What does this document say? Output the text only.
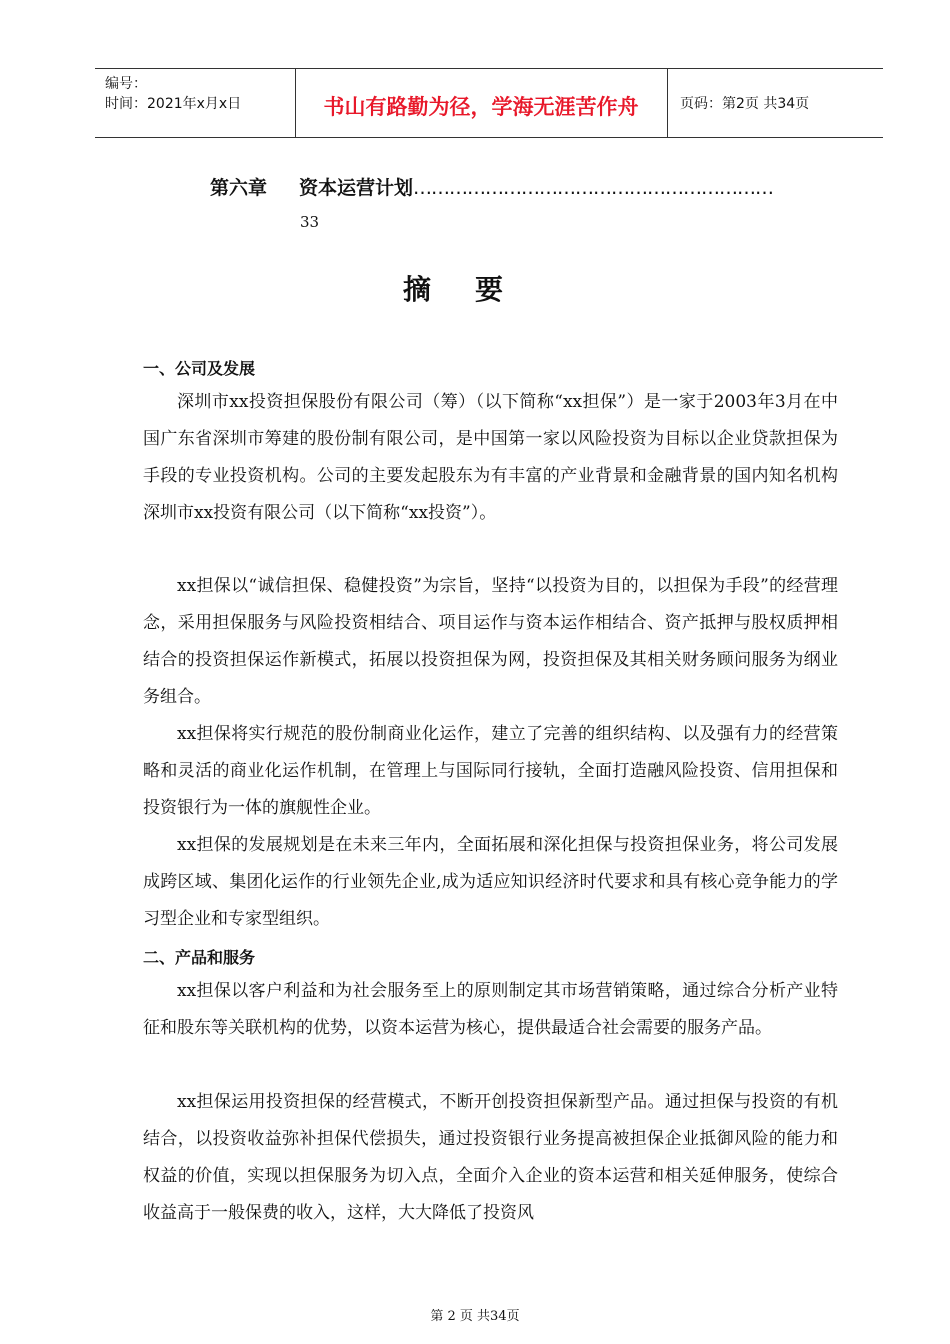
编号：
时间：2021年x月x日	书山有路勤为径，学海无涯苦作舟	页码：第2页 共34页
第六章 资本运营计划……………………………………………………
33
摘要
一、公司及发展

深圳市xx投资担保股份有限公司（筹）（以下简称“xx担保”）是一家于2003年3月在中国广东省深圳市筹建的股份制有限公司，是中国第一家以风险投资为目标以企业贷款担保为手段的专业投资机构。公司的主要发起股东为有丰富的产业背景和金融背景的国内知名机构深圳市xx投资有限公司（以下简称“xx投资”）。

xx担保以“诚信担保、稳健投资”为宗旨，坚持“以投资为目的，以担保为手段”的经营理念，采用担保服务与风险投资相结合、项目运作与资本运作相结合、资产抵押与股权质押相结合的投资担保运作新模式，拓展以投资担保为网，投资担保及其相关财务顾问服务为纲业务组合。

xx担保将实行规范的股份制商业化运作，建立了完善的组织结构、以及强有力的经营策略和灵活的商业化运作机制，在管理上与国际同行接轨，全面打造融风险投资、信用担保和投资银行为一体的旗舰性企业。

xx担保的发展规划是在未来三年内，全面拓展和深化担保与投资担保业务，将公司发展成跨区域、集团化运作的行业领先企业,成为适应知识经济时代要求和具有核心竞争能力的学习型企业和专家型组织。

二、产品和服务

xx担保以客户利益和为社会服务至上的原则制定其市场营销策略，通过综合分析产业特征和股东等关联机构的优势，以资本运营为核心，提供最适合社会需要的服务产品。

xx担保运用投资担保的经营模式，不断开创投资担保新型产品。通过担保与投资的有机结合，以投资收益弥补担保代偿损失，通过投资银行业务提高被担保企业抵御风险的能力和权益的价值，实现以担保服务为切入点，全面介入企业的资本运营和相关延伸服务，使综合收益高于一般保费的收入，这样，大大降低了投资风

第 2 页 共34页
